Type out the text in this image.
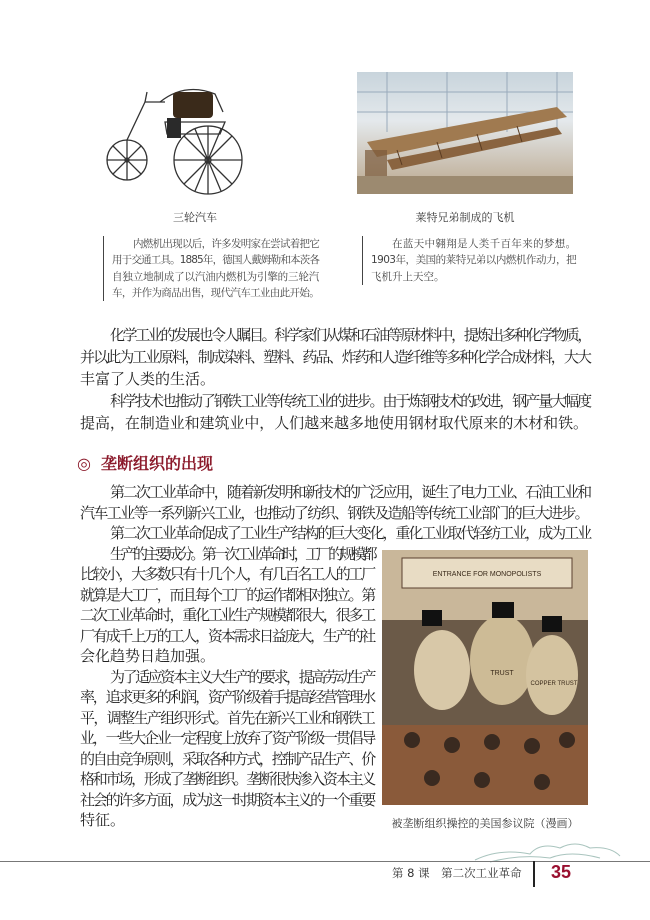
三轮汽车	莱特兄弟制成的飞机
内燃机出现以后，许多发明家在尝试着把它
用于交通工具。1885年，德国人戴姆勒和本茨各
自独立地制成了以汽油内燃机为引擎的三轮汽
车，并作为商品出售，现代汽车工业由此开始。
在蓝天中翱翔是人类千百年来的梦想。
1903年，美国的莱特兄弟以内燃机作动力，把
飞机升上天空。
化学工业的发展也令人瞩目。科学家们从煤和石油等原材料中，提炼出多种化学物质，
并以此为工业原料，制成染料、塑料、药品、炸药和人造纤维等多种化学合成材料，大大
丰富了人类的生活。
科学技术也推动了钢铁工业等传统工业的进步。由于炼钢技术的改进，钢产量大幅度
提高，在制造业和建筑业中，人们越来越多地使用钢材取代原来的木材和铁。
◎ 垄断组织的出现
第二次工业革命中，随着新发明和新技术的广泛应用，诞生了电力工业、石油工业和
汽车工业等一系列新兴工业，也推动了纺织、钢铁及造船等传统工业部门的巨大进步。
第二次工业革命促成了工业生产结构的巨大变化，重化工业取代轻纺工业，成为工业
生产的主要成分。第一次工业革命时，工厂的规模都
比较小，大多数只有十几个人，有几百名工人的工厂
就算是大工厂，而且每个工厂的运作都相对独立。第
二次工业革命时，重化工业生产规模都很大，很多工
厂有成千上万的工人，资本需求日益庞大，生产的社
会化趋势日趋加强。
为了适应资本主义大生产的要求，提高劳动生产
率，追求更多的利润，资产阶级着手提高经营管理水
平，调整生产组织形式。首先在新兴工业和钢铁工
业，一些大企业一定程度上放弃了资产阶级一贯倡导
的自由竞争原则，采取各种方式，控制产品生产、价
格和市场，形成了垄断组织。垄断很快渗入资本主义
社会的许多方面，成为这一时期资本主义的一个重要
特征。
ENTRANCE FOR MONOPOLISTS
TRUST
COPPER TRUST
被垄断组织操控的美国参议院（漫画）
第 8 课　第二次工业革命 35
